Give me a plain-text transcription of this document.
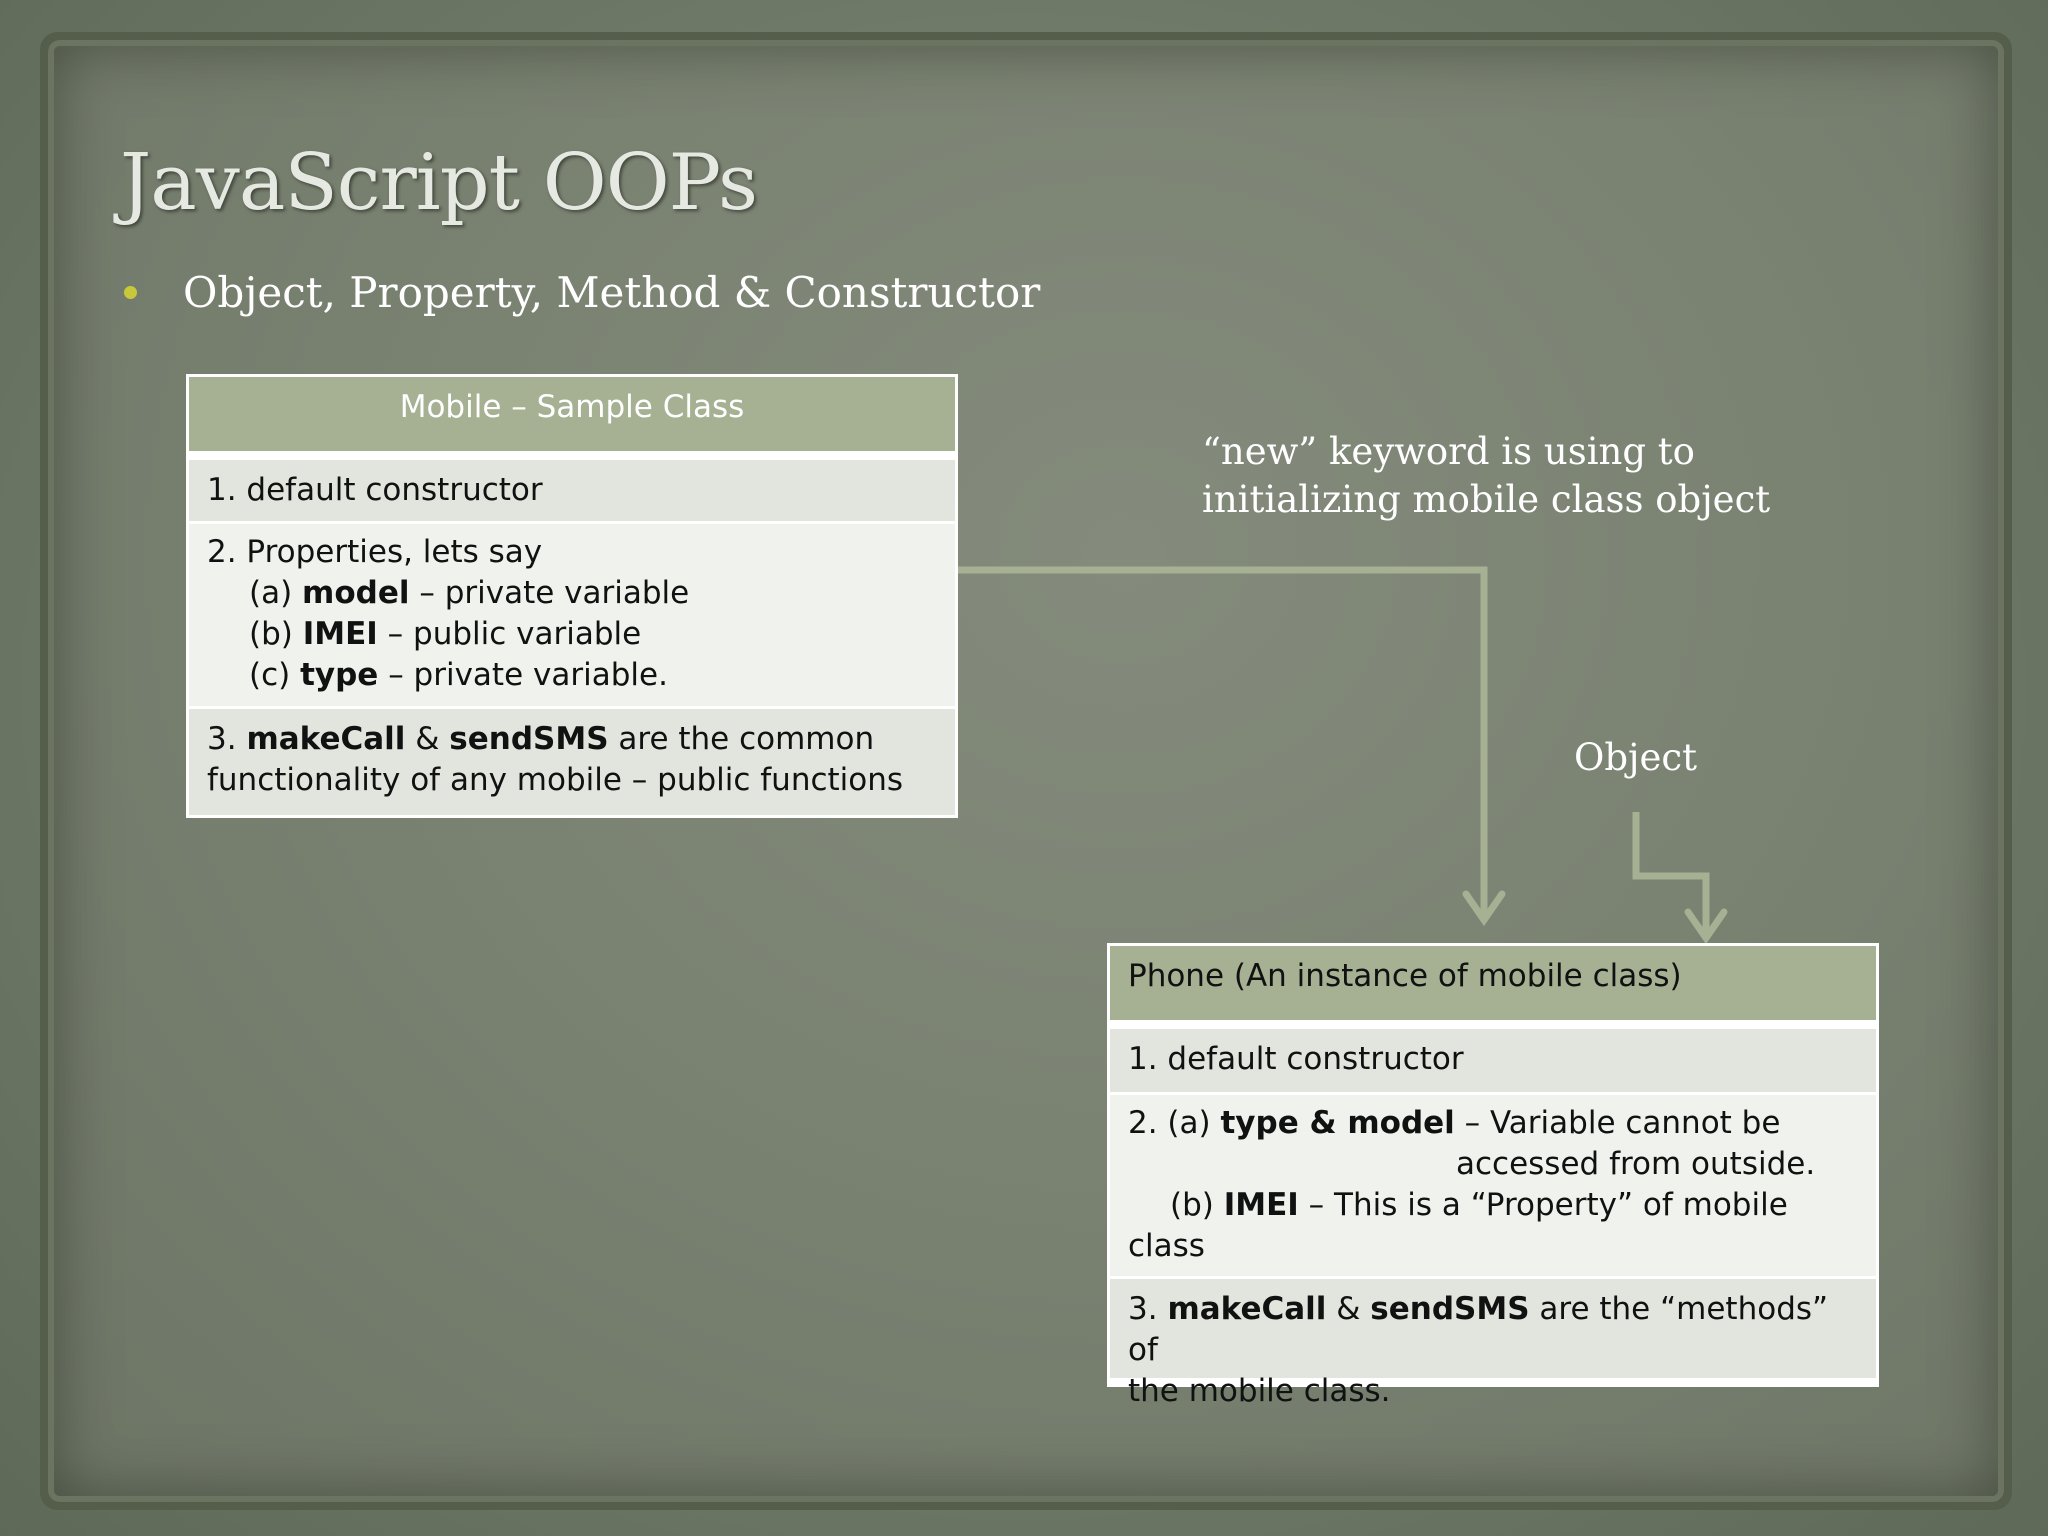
JavaScript OOPs
Object, Property, Method & Constructor
Mobile – Sample Class
1. default constructor
2. Properties, lets say
(a) model – private variable
(b) IMEI – public variable
(c) type – private variable.
3. makeCall & sendSMS are the common
functionality of any mobile – public functions
“new” keyword is using to
initializing mobile class object
Object
Phone (An instance of mobile class)
1. default constructor
2. (a) type & model – Variable cannot be
accessed from outside.
(b) IMEI – This is a “Property” of mobile
class
3. makeCall & sendSMS are the “methods” of
the mobile class.
